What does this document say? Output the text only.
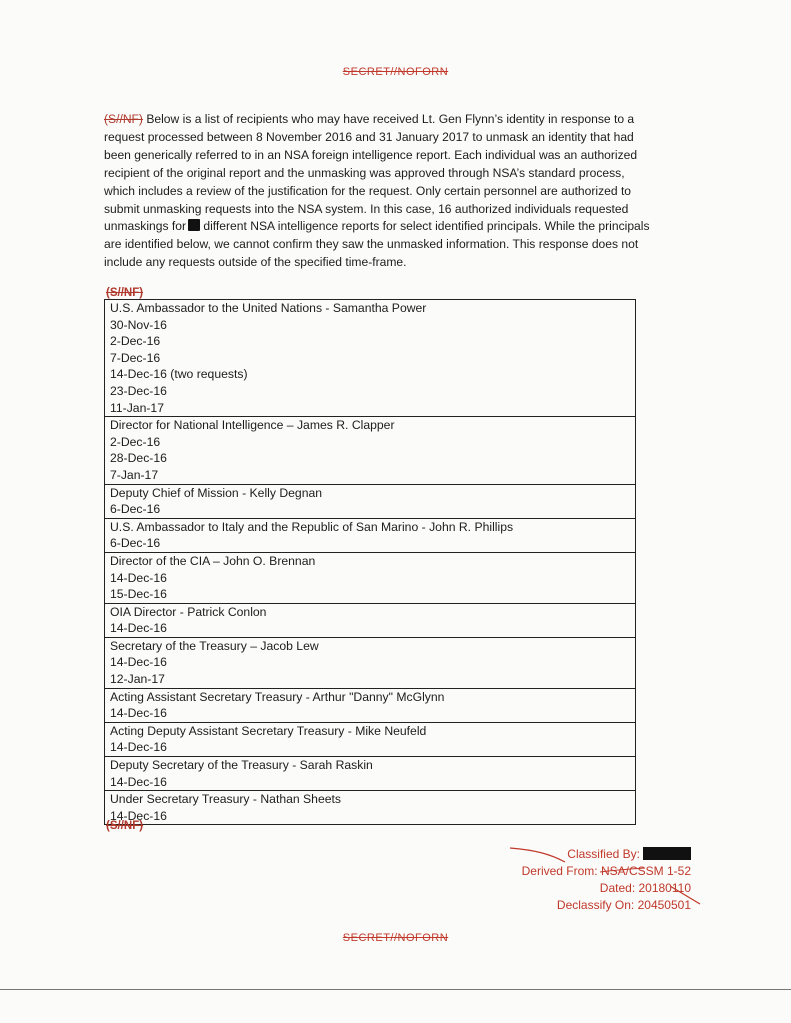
SECRET//NOFORN
(S//NF) Below is a list of recipients who may have received Lt. Gen Flynn’s identity in response to a request processed between 8 November 2016 and 31 January 2017 to unmask an identity that had been generically referred to in an NSA foreign intelligence report. Each individual was an authorized recipient of the original report and the unmasking was approved through NSA’s standard process, which includes a review of the justification for the request. Only certain personnel are authorized to submit unmasking requests into the NSA system. In this case, 16 authorized individuals requested unmaskings for different NSA intelligence reports for select identified principals. While the principals are identified below, we cannot confirm they saw the unmasked information. This response does not include any requests outside of the specified time-frame.
(S//NF)
U.S. Ambassador to the United Nations - Samantha Power
30-Nov-16
2-Dec-16
7-Dec-16
14-Dec-16 (two requests)
23-Dec-16
11-Jan-17
Director for National Intelligence – James R. Clapper
2-Dec-16
28-Dec-16
7-Jan-17
Deputy Chief of Mission - Kelly Degnan
6-Dec-16
U.S. Ambassador to Italy and the Republic of San Marino - John R. Phillips
6-Dec-16
Director of the CIA – John O. Brennan
14-Dec-16
15-Dec-16
OIA Director - Patrick Conlon
14-Dec-16
Secretary of the Treasury – Jacob Lew
14-Dec-16
12-Jan-17
Acting Assistant Secretary Treasury - Arthur "Danny" McGlynn
14-Dec-16
Acting Deputy Assistant Secretary Treasury - Mike Neufeld
14-Dec-16
Deputy Secretary of the Treasury - Sarah Raskin
14-Dec-16
Under Secretary Treasury - Nathan Sheets
14-Dec-16
(S//NF)
Classified By:
Derived From: NSA/CSSM 1-52
Dated: 20180110
Declassify On: 20450501
SECRET//NOFORN
